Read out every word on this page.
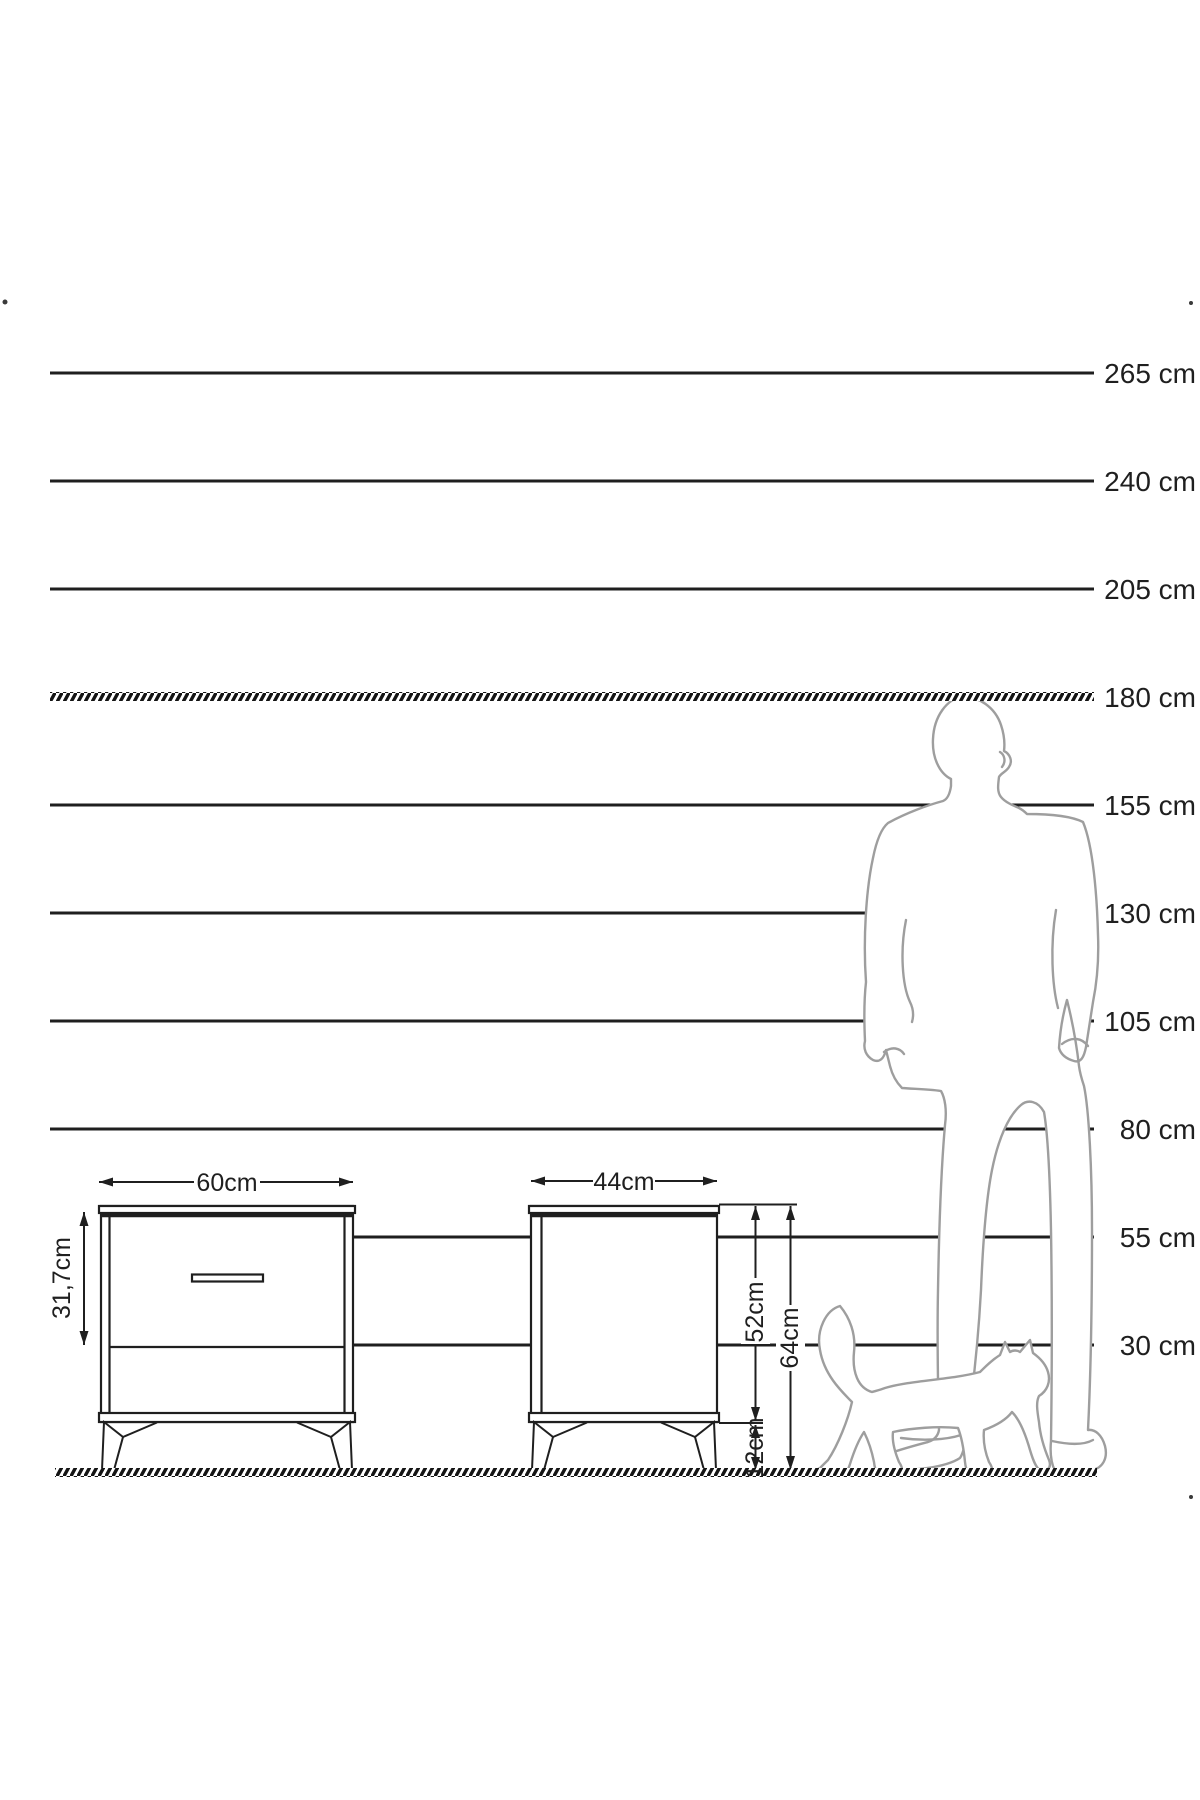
265 cm
240 cm
205 cm
180 cm
155 cm
130 cm
105 cm
80 cm
55 cm
30 cm
60cm
31,7cm
44cm
52cm 64cm
12cm
